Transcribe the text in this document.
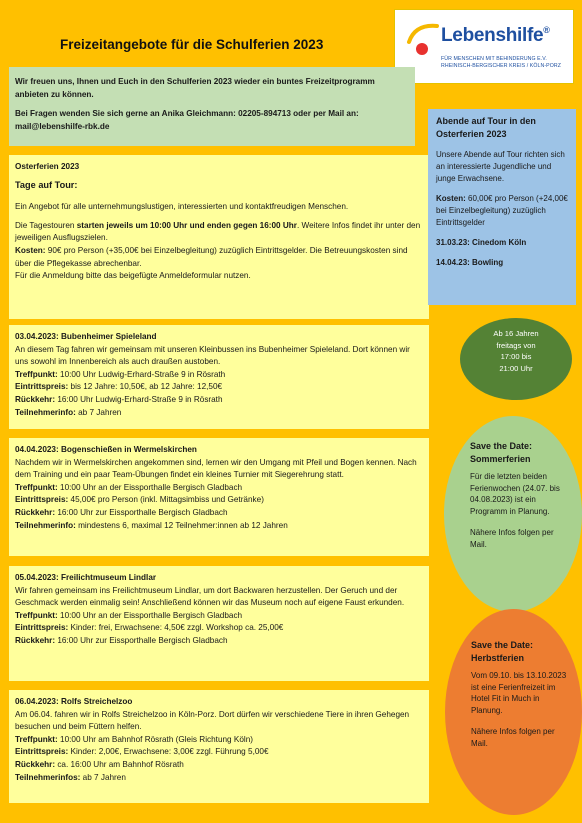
Freizeitangebote für die Schulferien 2023	Lebenshilfe®
FÜR MENSCHEN MIT BEHINDERUNG E.V.
RHEINISCH-BERGISCHER KREIS / KÖLN-PORZ

Wir freuen uns, Ihnen und Euch in den Schulferien 2023 wieder ein buntes Freizeitprogramm anbieten zu können.

Bei Fragen wenden Sie sich gerne an Anika Gleichmann: 02205-894713 oder per Mail an: mail@lebenshilfe-rbk.de

Osterferien 2023

Tage auf Tour:

Ein Angebot für alle unternehmungslustigen, interessierten und kontaktfreudigen Menschen.

Die Tagestouren starten jeweils um 10:00 Uhr und enden gegen 16:00 Uhr. Weitere Infos findet ihr unter den jeweiligen Ausflugszielen.
Kosten: 90€ pro Person (+35,00€ bei Einzelbegleitung) zuzüglich Eintrittsgelder. Die Betreuungskosten sind über die Pflegekasse abrechenbar.
Für die Anmeldung bitte das beigefügte Anmeldeformular nutzen.

03.04.2023: Bubenheimer Spieleland

An diesem Tag fahren wir gemeinsam mit unseren Kleinbussen ins Bubenheimer Spieleland. Dort können wir uns sowohl im Innenbereich als auch draußen austoben.

Treffpunkt: 10:00 Uhr Ludwig-Erhard-Straße 9 in Rösrath

Eintrittspreis: bis 12 Jahre: 10,50€, ab 12 Jahre: 12,50€

Rückkehr: 16:00 Uhr Ludwig-Erhard-Straße 9 in Rösrath

Teilnehmerinfo: ab 7 Jahren

04.04.2023: Bogenschießen in Wermelskirchen

Nachdem wir in Wermelskirchen angekommen sind, lernen wir den Umgang mit Pfeil und Bogen kennen. Nach dem Training und ein paar Team-Übungen findet ein kleines Turnier mit Siegerehrung statt.

Treffpunkt: 10:00 Uhr an der Eissporthalle Bergisch Gladbach

Eintrittspreis: 45,00€ pro Person (inkl. Mittagsimbiss und Getränke)

Rückkehr: 16:00 Uhr zur Eissporthalle Bergisch Gladbach

Teilnehmerinfo: mindestens 6, maximal 12 Teilnehmer:innen ab 12 Jahren

05.04.2023: Freilichtmuseum Lindlar

Wir fahren gemeinsam ins Freilichtmuseum Lindlar, um dort Backwaren herzustellen. Der Geruch und der Geschmack werden einmalig sein! Anschließend können wir das Museum noch auf eigene Faust erkunden.

Treffpunkt: 10:00 Uhr an der Eissporthalle Bergisch Gladbach

Eintrittspreis: Kinder: frei, Erwachsene: 4,50€ zzgl. Workshop ca. 25,00€

Rückkehr: 16:00 Uhr zur Eissporthalle Bergisch Gladbach

06.04.2023: Rolfs Streichelzoo

Am 06.04. fahren wir in Rolfs Streichelzoo in Köln-Porz. Dort dürfen wir verschiedene Tiere in ihren Gehegen besuchen und beim Füttern helfen.

Treffpunkt: 10:00 Uhr am Bahnhof Rösrath (Gleis Richtung Köln)

Eintrittspreis: Kinder: 2,00€, Erwachsene: 3,00€ zzgl. Führung 5,00€

Rückkehr: ca. 16:00 Uhr am Bahnhof Rösrath

Teilnehmerinfos: ab 7 Jahren

Abende auf Tour in den Osterferien 2023

Unsere Abende auf Tour richten sich an interessierte Jugendliche und junge Erwachsene.

Kosten: 60,00€ pro Person (+24,00€ bei Einzelbegleitung) zuzüglich Eintrittsgelder

31.03.23: Cinedom Köln

14.04.23: Bowling

Ab 16 Jahren
freitags von
17:00 bis
21:00 Uhr

Save the Date:
Sommerferien

Für die letzten beiden Ferienwochen (24.07. bis 04.08.2023) ist ein Programm in Planung.

Nähere Infos folgen per Mail.

Save the Date:
Herbstferien

Vom 09.10. bis 13.10.2023 ist eine Ferienfreizeit im Hotel Fit in Much in Planung.

Nähere Infos folgen per Mail.
